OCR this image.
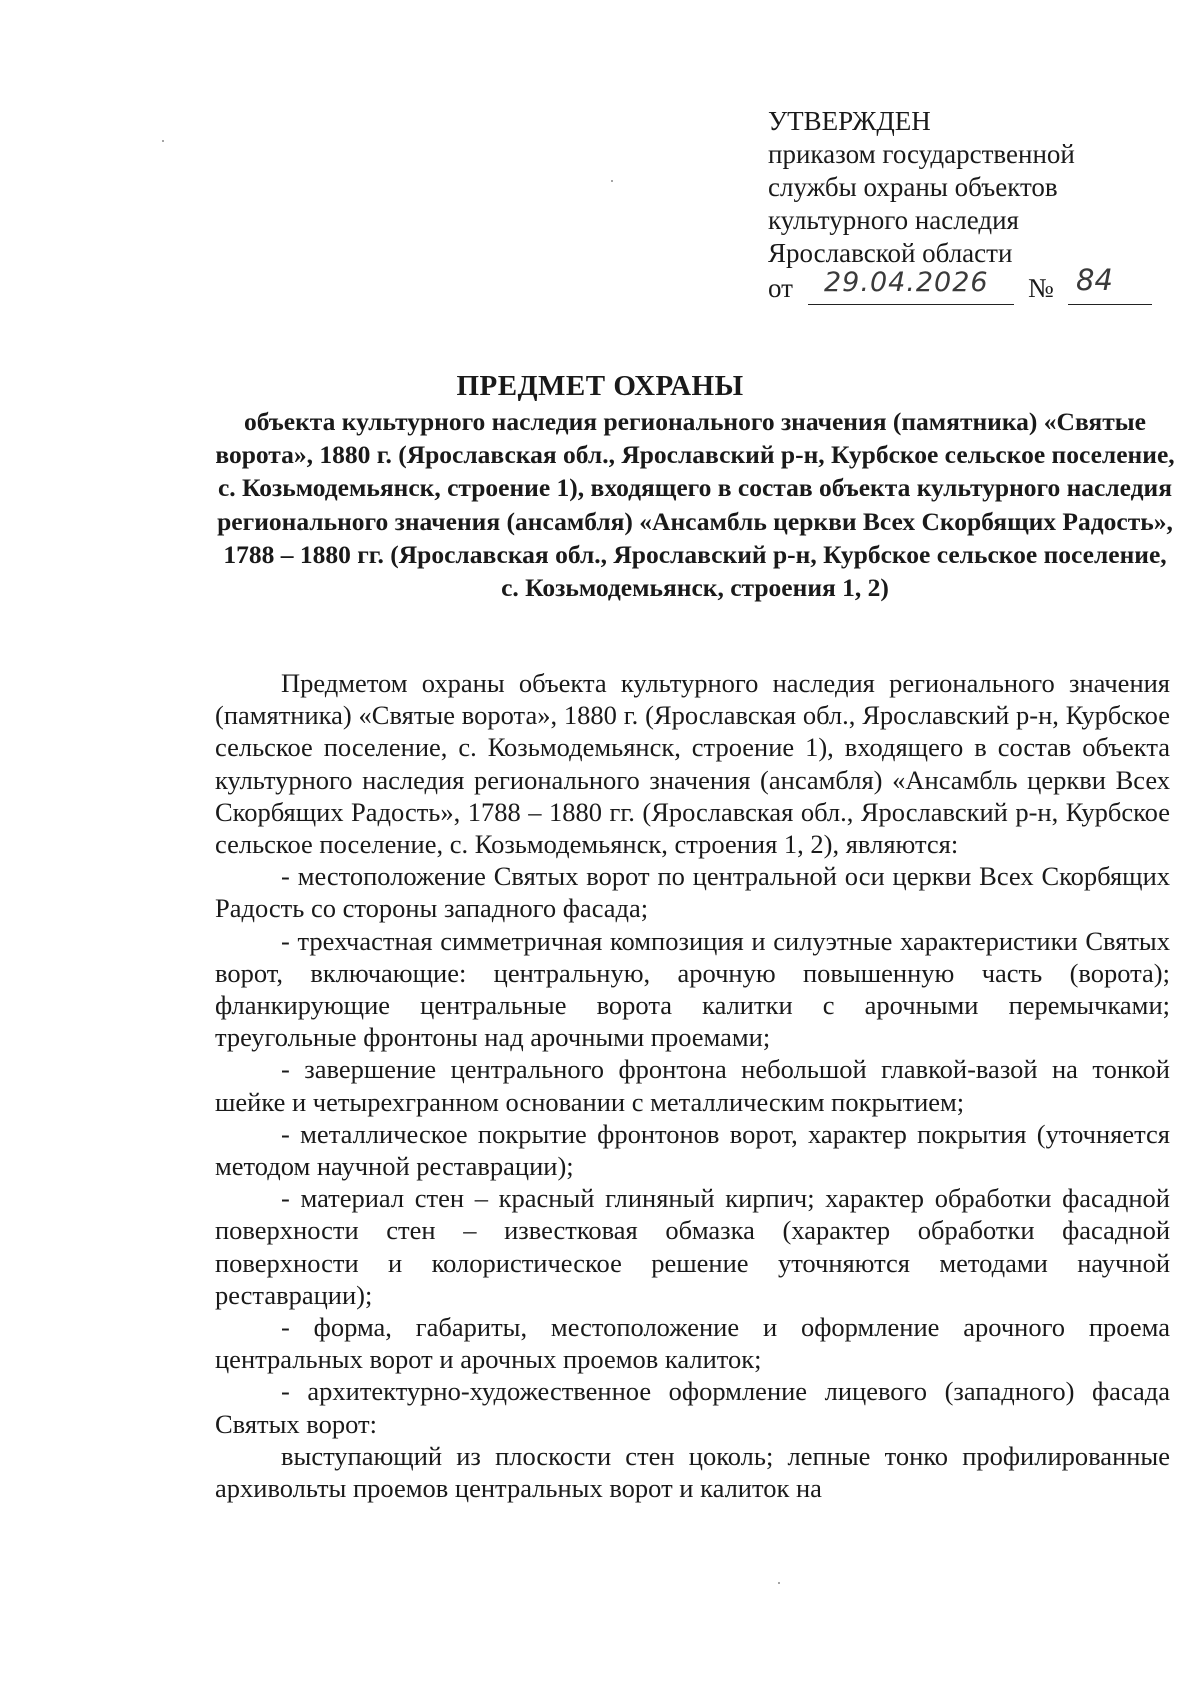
УТВЕРЖДЕН
приказом государственной
службы охраны объектов
культурного наследия
Ярославской области
от 29.04.2026 № 84
ПРЕДМЕТ ОХРАНЫ
объекта культурного наследия регионального значения (памятника) «Святые ворота», 1880 г. (Ярославская обл., Ярославский р-н, Курбское сельское поселение, с. Козьмодемьянск, строение 1), входящего в состав объекта культурного наследия регионального значения (ансамбля) «Ансамбль церкви Всех Скорбящих Радость», 1788 – 1880 гг. (Ярославская обл., Ярославский р-н, Курбское сельское поселение, с. Козьмодемьянск, строения 1, 2)

Предметом охраны объекта культурного наследия регионального значения (памятника) «Святые ворота», 1880 г. (Ярославская обл., Ярославский р-н, Курбское сельское поселение, с. Козьмодемьянск, строение 1), входящего в состав объекта культурного наследия регионального значения (ансамбля) «Ансамбль церкви Всех Скорбящих Радость», 1788 – 1880 гг. (Ярославская обл., Ярославский р-н, Курбское сельское поселение, с. Козьмодемьянск, строения 1, 2), являются:

- местоположение Святых ворот по центральной оси церкви Всех Скорбящих Радость со стороны западного фасада;

- трехчастная симметричная композиция и силуэтные характеристики Святых ворот, включающие: центральную, арочную повышенную часть (ворота); фланкирующие центральные ворота калитки с арочными перемычками; треугольные фронтоны над арочными проемами;

- завершение центрального фронтона небольшой главкой-вазой на тонкой шейке и четырехгранном основании с металлическим покрытием;

- металлическое покрытие фронтонов ворот, характер покрытия (уточняется методом научной реставрации);

- материал стен – красный глиняный кирпич; характер обработки фасадной поверхности стен – известковая обмазка (характер обработки фасадной поверхности и колористическое решение уточняются методами научной реставрации);

- форма, габариты, местоположение и оформление арочного проема центральных ворот и арочных проемов калиток;

- архитектурно-художественное оформление лицевого (западного) фасада Святых ворот:

выступающий из плоскости стен цоколь; лепные тонко профилированные архивольты проемов центральных ворот и калиток на
